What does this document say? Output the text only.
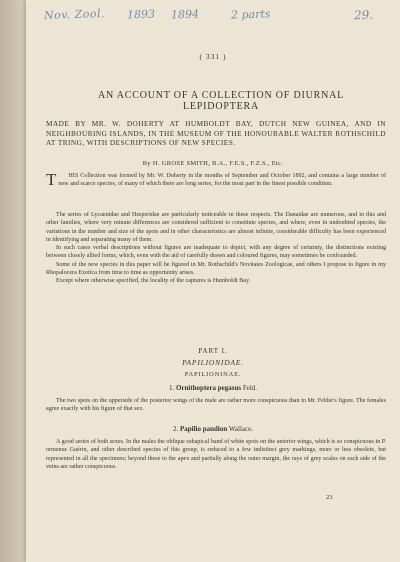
Nov. Zool. 1893 1894	2 parts	29.
( 331 )
AN ACCOUNT OF A COLLECTION OF DIURNAL
LEPIDOPTERA
MADE BY MR. W. DOHERTY AT HUMBOLDT BAY, DUTCH NEW GUINEA, AND IN NEIGHBOURING ISLANDS, IN THE MUSEUM OF THE HONOURABLE WALTER ROTHSCHILD AT TRING, WITH DESCRIPTIONS OF NEW SPECIES.
By H. GROSE SMITH, B.A., F.E.S., F.Z.S., Etc.

T HIS Collection was formed by Mr. W. Doherty in the months of September and October 1892, and contains a large number of new and scarce species, of many of which there are long series, for the most part in the finest possible condition.

The series of Lycaenidae and Hesperidae are particularly noticeable in these respects. The Danaidae are numerous, and in this and other families, where very minute differences are considered sufficient to constitute species, and where, even in undoubted species, the variations in the number and size of the spots and in other characteristics are almost infinite, considerable difficulty has been experienced in identifying and separating many of them.

In such cases verbal descriptions without figures are inadequate to depict, with any degree of certainty, the distinctions existing between closely allied forms, which, even with the aid of carefully drawn and coloured figures, may sometimes be confounded.

Some of the new species in this paper will be figured in Mr. Rothschild's Novitates Zoologicae, and others I propose to figure in my Rhopalocera Exotica from time to time as opportunity arises.

Except where otherwise specified, the locality of the captures is Humboldt Bay.

PART I.
PAPILIONIDAE.
PAPILIONINAE.
1. Ornithoptera pegasus Feld.

The two spots on the upperside of the posterior wings of the male are rather more conspicuous than in Mr. Felder's figure. The females agree exactly with his figure of that sex.

2. Papilio pandion Wallace.

A good series of both sexes. In the males the oblique subapical band of white spots on the anterior wings, which is so conspicuous in P. ormenus Guérin, and other described species of this group, is reduced to a few indistinct grey markings, more or less obsolete, but represented in all the specimens; beyond these to the apex and partially along the outer margin, the rays of grey scales on each side of the veins are rather conspicuous.

23
